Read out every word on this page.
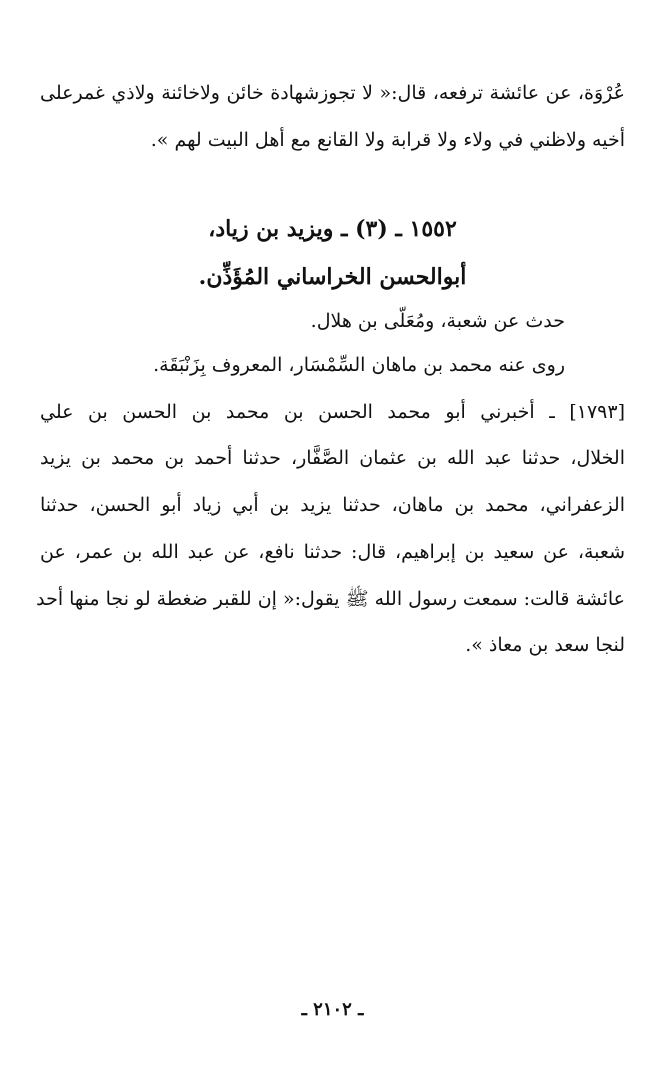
عُرْوَة، عن عائشة ترفعه، قال:« لا تجوزشهادة خائن ولاخائنة ولاذي غمرعلى
أخيه ولاظني في ولاء ولا قرابة ولا القانع مع أهل البيت لهم ».
١٥٥٢ ـ (٣) ـ ويزيد بن زياد،
أبوالحسن الخراساني المُؤَذِّن.
حدث عن شعبة، ومُعَلّى بن هلال.
روى عنه محمد بن ماهان السِّمْسَار، المعروف بِزَنْبَقَة.
[١٧٩٣] ـ أخبرني أبو محمد الحسن بن محمد بن الحسن بن علي
الخلال، حدثنا عبد الله بن عثمان الصَّفَّار، حدثنا أحمد بن محمد بن يزيد
الزعفراني، محمد بن ماهان، حدثنا يزيد بن أبي زياد أبو الحسن، حدثنا
شعبة، عن سعيد بن إبراهيم، قال: حدثنا نافع، عن عبد الله بن عمر، عن
عائشة قالت: سمعت رسول الله ﷺ يقول:« إن للقبر ضغطة لو نجا منها أحد
لنجا سعد بن معاذ ».
ـ ٢١٠٢ ـ
